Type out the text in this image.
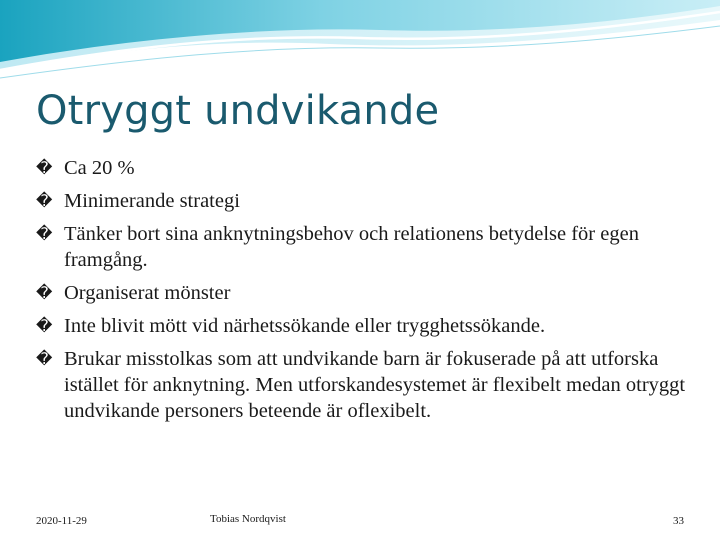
Otryggt undvikande
� Ca 20 %
� Minimerande strategi
� Tänker bort sina anknytningsbehov och relationens betydelse för egen framgång.
� Organiserat mönster
� Inte blivit mött vid närhetssökande eller trygghetssökande.
� Brukar misstolkas som att undvikande barn är fokuserade på att utforska istället för anknytning. Men utforskandesystemet är flexibelt medan otryggt undvikande personers beteende är oflexibelt.
2020-11-29	Tobias Nordqvist	33
